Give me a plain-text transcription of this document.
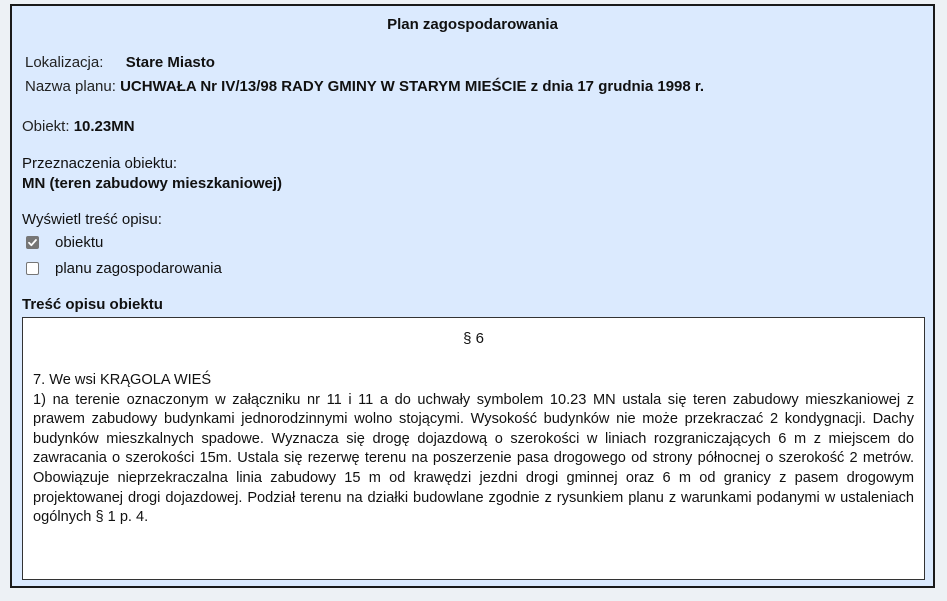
Plan zagospodarowania
Lokalizacja: Stare Miasto
Nazwa planu: UCHWAŁA Nr IV/13/98 RADY GMINY W STARYM MIEŚCIE z dnia 17 grudnia 1998 r.
Obiekt: 10.23MN
Przeznaczenia obiektu:
MN (teren zabudowy mieszkaniowej)
Wyświetl treść opisu:
obiektu
planu zagospodarowania
Treść opisu obiektu
§ 6

7. We wsi KRĄGOLA WIEŚ

1) na terenie oznaczonym w załączniku nr 11 i 11 a do uchwały symbolem 10.23 MN ustala się teren zabudowy mieszkaniowej z prawem zabudowy budynkami jednorodzinnymi wolno stojącymi. Wysokość budynków nie może przekraczać 2 kondygnacji. Dachy budynków mieszkalnych spadowe. Wyznacza się drogę dojazdową o szerokości w liniach rozgraniczających 6 m z miejscem do zawracania o szerokości 15m. Ustala się rezerwę terenu na poszerzenie pasa drogowego od strony północnej o szerokość 2 metrów. Obowiązuje nieprzekraczalna linia zabudowy 15 m od krawędzi jezdni drogi gminnej oraz 6 m od granicy z pasem drogowym projektowanej drogi dojazdowej. Podział terenu na działki budowlane zgodnie z rysunkiem planu z warunkami podanymi w ustaleniach ogólnych § 1 p. 4.
